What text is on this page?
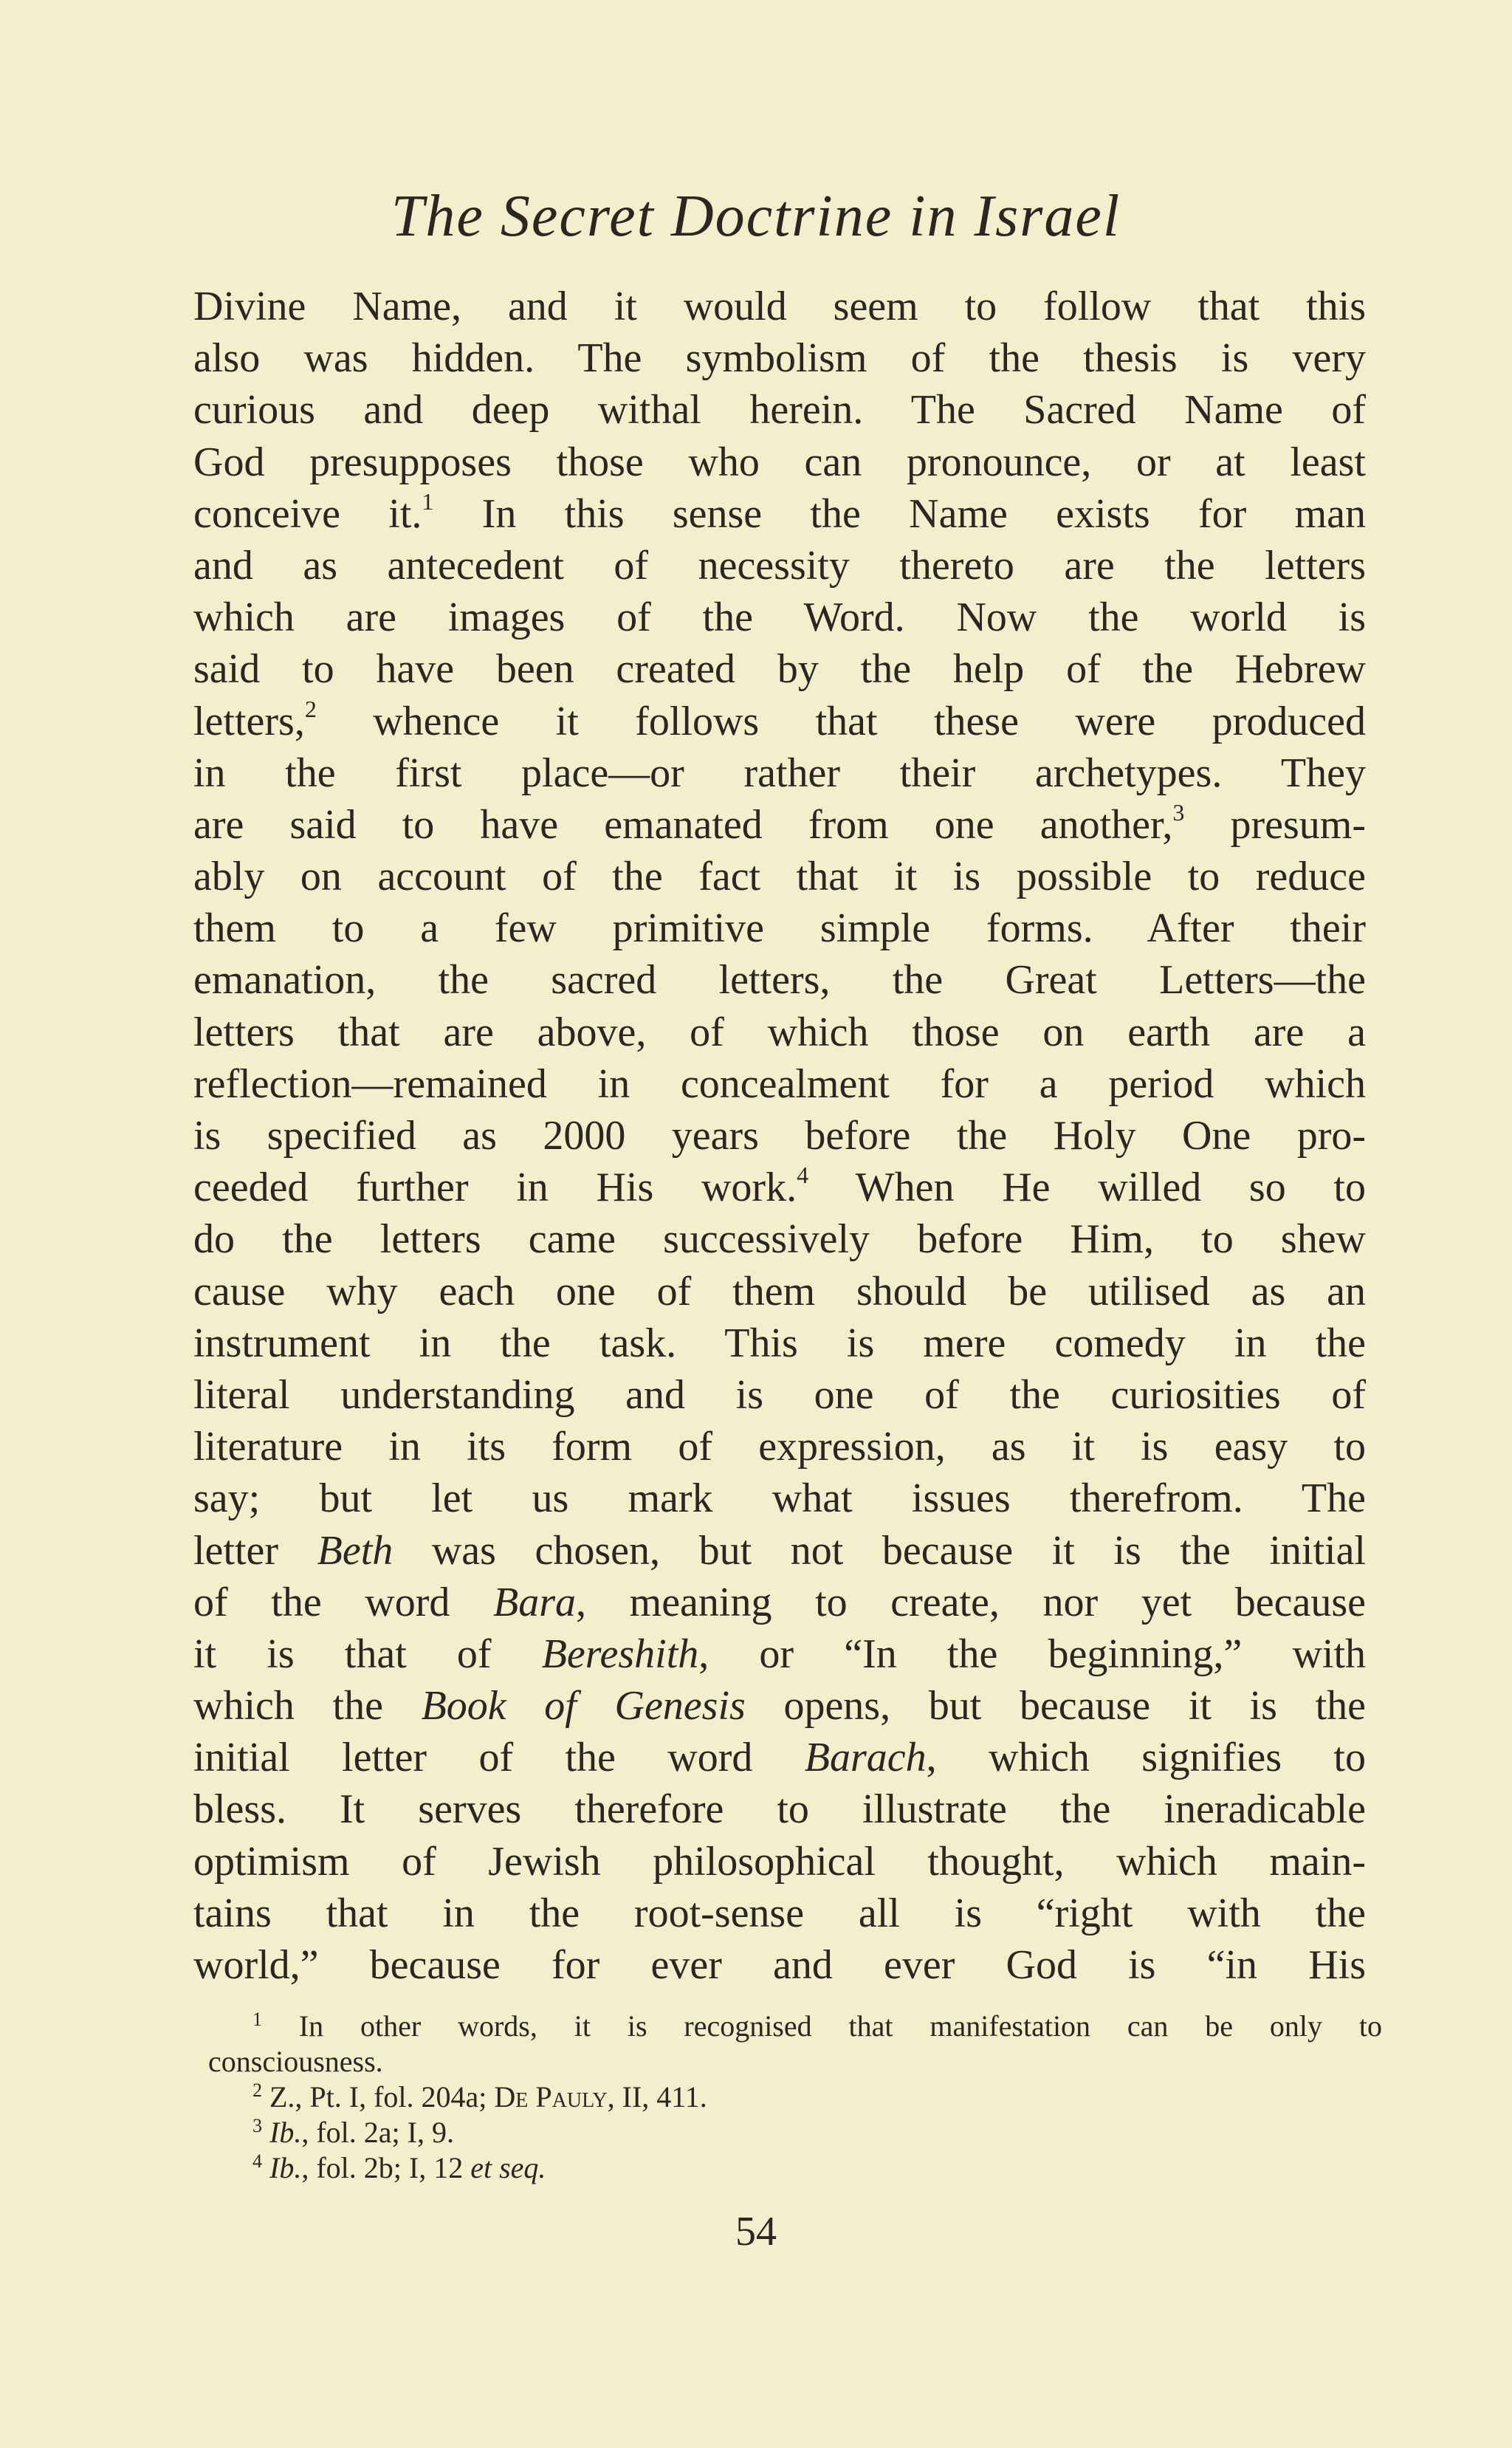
The Secret Doctrine in Israel
Divine Name, and it would seem to follow that this
also was hidden. The symbolism of the thesis is very
curious and deep withal herein. The Sacred Name of
God presupposes those who can pronounce, or at least
conceive it.$^1$ In this sense the Name exists for man
and as antecedent of necessity thereto are the letters
which are images of the Word. Now the world is
said to have been created by the help of the Hebrew
letters,$^2$ whence it follows that these were produced
in the first place—or rather their archetypes. They
are said to have emanated from one another,$^3$ presum-
ably on account of the fact that it is possible to reduce
them to a few primitive simple forms. After their
emanation, the sacred letters, the Great Letters—the
letters that are above, of which those on earth are a
reflection—remained in concealment for a period which
is specified as 2000 years before the Holy One pro-
ceeded further in His work.$^4$ When He willed so to
do the letters came successively before Him, to shew
cause why each one of them should be utilised as an
instrument in the task. This is mere comedy in the
literal understanding and is one of the curiosities of
literature in its form of expression, as it is easy to
say; but let us mark what issues therefrom. The
letter Beth was chosen, but not because it is the initial
of the word Bara, meaning to create, nor yet because
it is that of Bereshith, or “In the beginning,” with
which the Book of Genesis opens, but because it is the
initial letter of the word Barach, which signifies to
bless. It serves therefore to illustrate the ineradicable
optimism of Jewish philosophical thought, which main-
tains that in the root-sense all is “right with the
world,” because for ever and ever God is “in His
$^1$ In other words, it is recognised that manifestation can be only to
consciousness.
$^2$ Z., Pt. I, fol. 204a; De Pauly, II, 411.
$^3$ Ib., fol. 2a; I, 9.
$^4$ Ib., fol. 2b; I, 12 et seq.
54
